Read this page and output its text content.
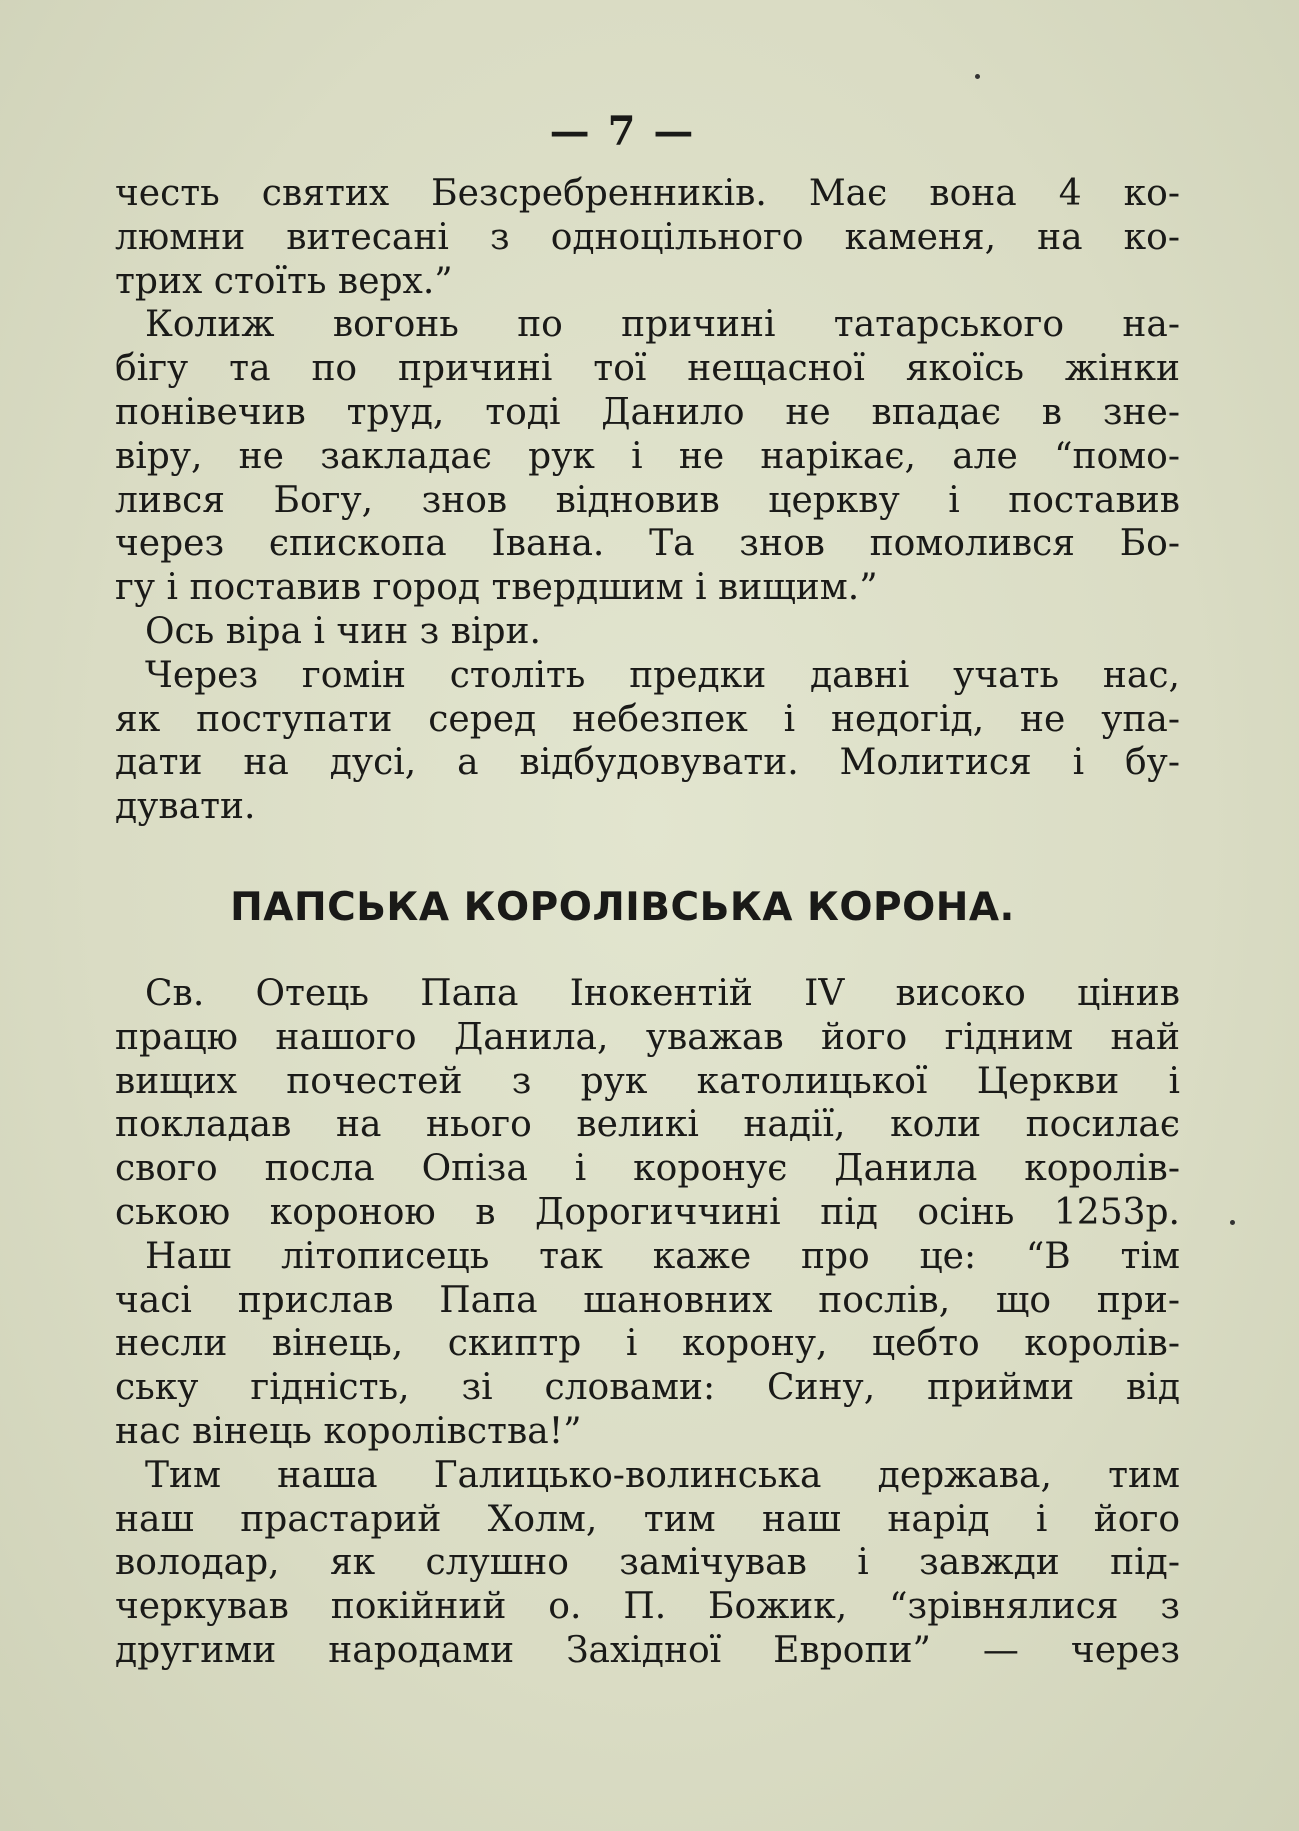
— 7 —
честь святих Безсребренників. Має вона 4 ко-
люмни витесані з одноцільного каменя, на ко-
трих стоїть верх.”
Колиж вогонь по причині татарського на-
бігу та по причині тої нещасної якоїсь жінки
понівечив труд, тоді Данило не впадає в зне-
віру, не закладає рук і не нарікає, але “помо-
лився Богу, знов відновив церкву і поставив
через єпископа Івана. Та знов помолився Бо-
гу і поставив город твердшим і вищим.”
Ось віра і чин з віри.
Через гомін століть предки давні учать нас,
як поступати серед небезпек і недогід, не упа-
дати на дусі, а відбудовувати. Молитися і бу-
дувати.
ПАПСЬКА КОРОЛІВСЬКА КОРОНА.
Св. Отець Папа Інокентій IV високо цінив
працю нашого Данила, уважав його гідним най
вищих почестей з рук католицької Церкви і
покладав на нього великі надії, коли посилає
свого посла Опіза і коронує Данила королів-
ською короною в Дорогиччині під осінь 1253р.
Наш літописець так каже про це: “В тім
часі прислав Папа шановних послів, що при-
несли вінець, скиптр і корону, цебто королів-
ську гідність, зі словами: Сину, прийми від
нас вінець королівства!”
Тим наша Галицько-волинська держава, тим
наш прастарий Холм, тим наш нарід і його
володар, як слушно замічував і завжди під-
черкував покійний о. П. Божик, “зрівнялися з
другими народами Західної Европи” — через
